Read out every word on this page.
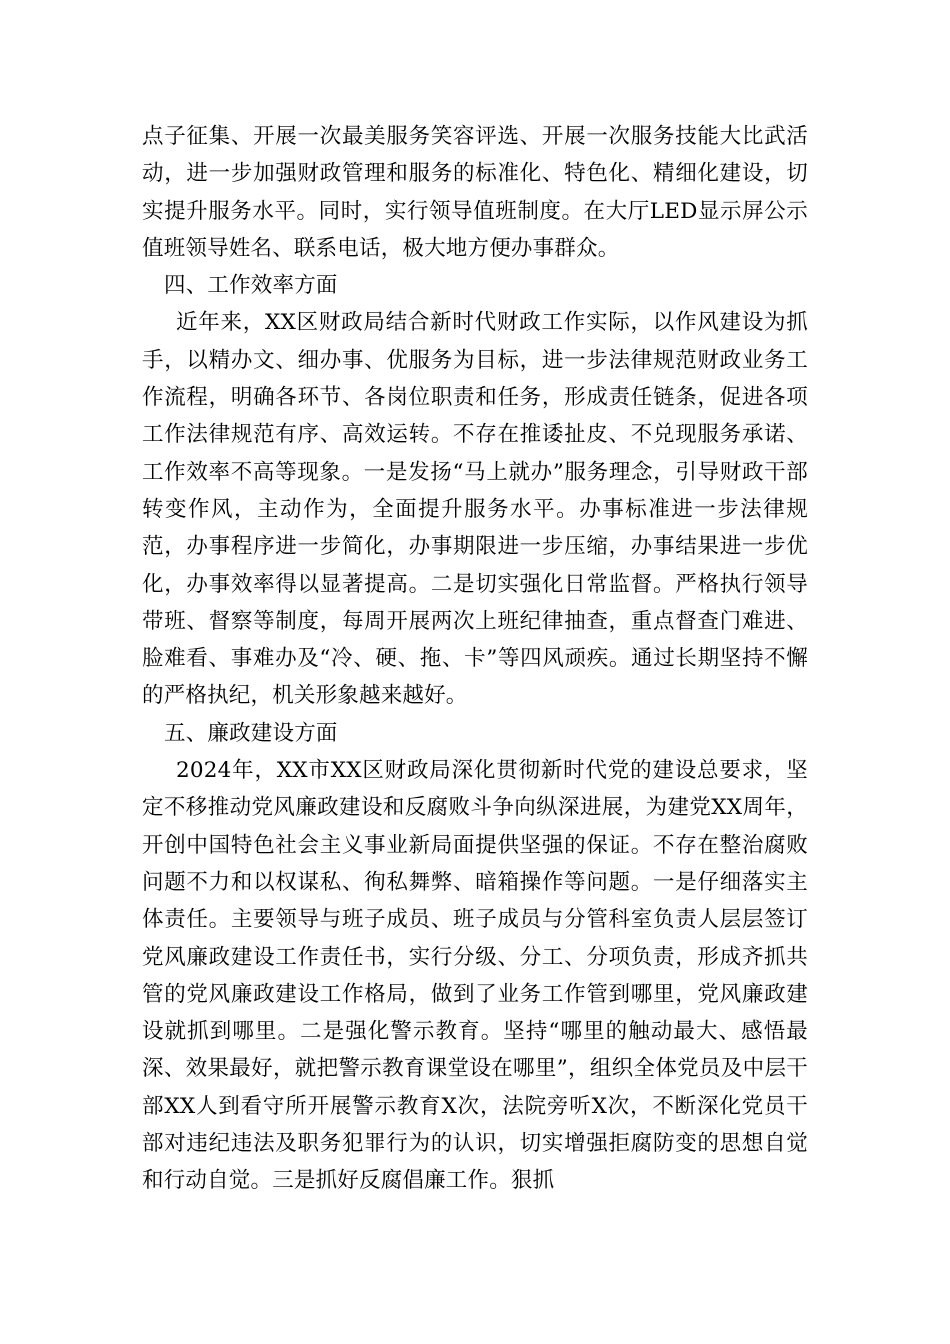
点子征集、开展一次最美服务笑容评选、开展一次服务技能大比武活动，进一步加强财政管理和服务的标准化、特色化、精细化建设，切实提升服务水平。同时，实行领导值班制度。在大厅LED显示屏公示值班领导姓名、联系电话，极大地方便办事群众。

四、工作效率方面

近年来，XX区财政局结合新时代财政工作实际，以作风建设为抓手，以精办文、细办事、优服务为目标，进一步法律规范财政业务工作流程，明确各环节、各岗位职责和任务，形成责任链条，促进各项工作法律规范有序、高效运转。不存在推诿扯皮、不兑现服务承诺、工作效率不高等现象。一是发扬“马上就办”服务理念，引导财政干部转变作风，主动作为，全面提升服务水平。办事标准进一步法律规范，办事程序进一步简化，办事期限进一步压缩，办事结果进一步优化，办事效率得以显著提高。二是切实强化日常监督。严格执行领导带班、督察等制度，每周开展两次上班纪律抽查，重点督查门难进、脸难看、事难办及“冷、硬、拖、卡”等四风顽疾。通过长期坚持不懈的严格执纪，机关形象越来越好。

五、廉政建设方面

2024年，XX市XX区财政局深化贯彻新时代党的建设总要求，坚定不移推动党风廉政建设和反腐败斗争向纵深进展，为建党XX周年，开创中国特色社会主义事业新局面提供坚强的保证。不存在整治腐败问题不力和以权谋私、徇私舞弊、暗箱操作等问题。一是仔细落实主体责任。主要领导与班子成员、班子成员与分管科室负责人层层签订党风廉政建设工作责任书，实行分级、分工、分项负责，形成齐抓共管的党风廉政建设工作格局，做到了业务工作管到哪里，党风廉政建设就抓到哪里。二是强化警示教育。坚持“哪里的触动最大、感悟最深、效果最好，就把警示教育课堂设在哪里”，组织全体党员及中层干部XX人到看守所开展警示教育X次，法院旁听X次，不断深化党员干部对违纪违法及职务犯罪行为的认识，切实增强拒腐防变的思想自觉和行动自觉。三是抓好反腐倡廉工作。狠抓
